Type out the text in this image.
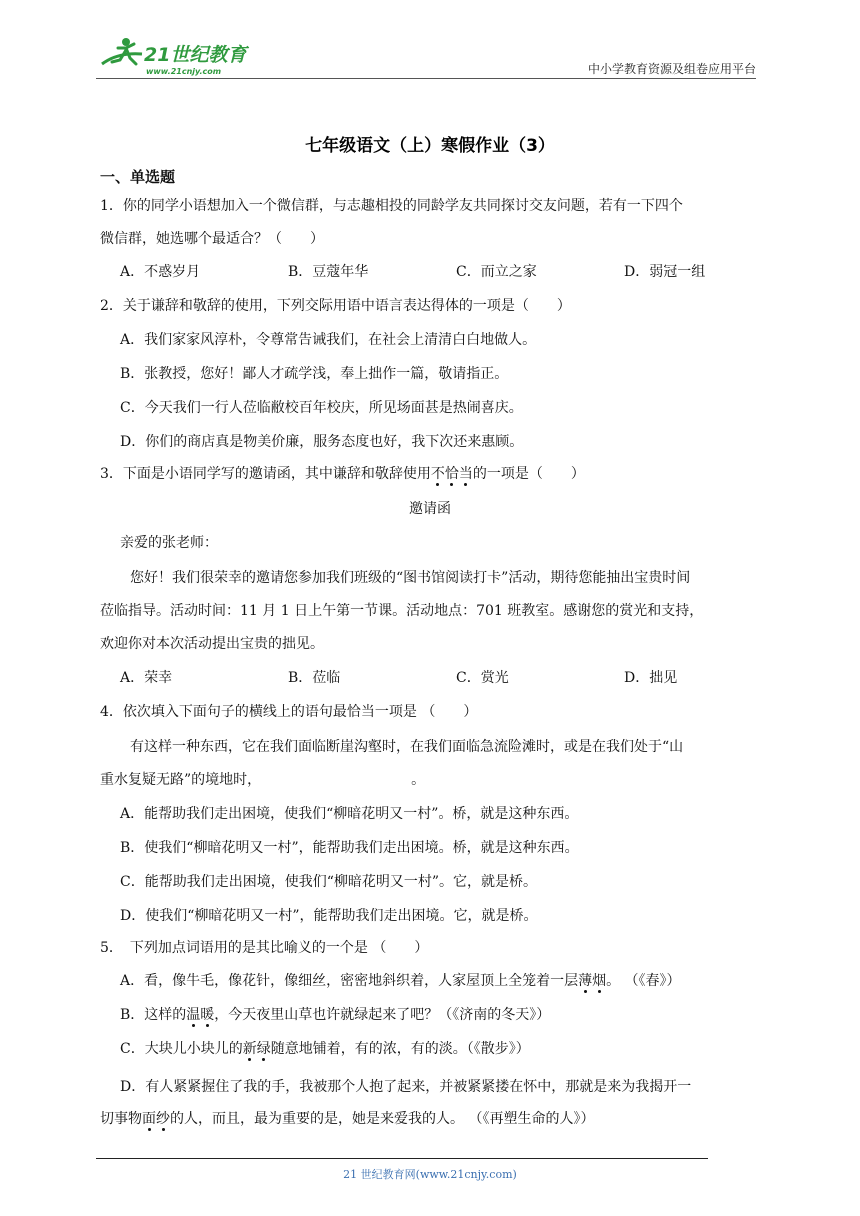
21世纪教育
www.21cnjy.com	中小学教育资源及组卷应用平台
七年级语文（上）寒假作业（3）
一、单选题
1．你的同学小语想加入一个微信群，与志趣相投的同龄学友共同探讨交友问题，若有一下四个
微信群，她选哪个最适合？（　　）
A．不惑岁月	B．豆蔻年华	C．而立之家	D．弱冠一组
2．关于谦辞和敬辞的使用，下列交际用语中语言表达得体的一项是（　　）
A．我们家家风淳朴，令尊常告诫我们，在社会上清清白白地做人。
B．张教授，您好！鄙人才疏学浅，奉上拙作一篇，敬请指正。
C．今天我们一行人莅临敝校百年校庆，所见场面甚是热闹喜庆。
D．你们的商店真是物美价廉，服务态度也好，我下次还来惠顾。
3．下面是小语同学写的邀请函，其中谦辞和敬辞使用不恰当的一项是（　　）
邀请函
亲爱的张老师：
您好！我们很荣幸的邀请您参加我们班级的“图书馆阅读打卡”活动，期待您能抽出宝贵时间
莅临指导。活动时间：11 月 1 日上午第一节课。活动地点：701 班教室。感谢您的赏光和支持，
欢迎你对本次活动提出宝贵的拙见。
A．荣幸	B．莅临	C．赏光	D．拙见
4．依次填入下面句子的横线上的语句最恰当一项是 （　　）
有这样一种东西，它在我们面临断崖沟壑时，在我们面临急流险滩时，或是在我们处于“山
重水复疑无路”的境地时，	。
A．能帮助我们走出困境，使我们“柳暗花明又一村”。桥，就是这种东西。
B．使我们“柳暗花明又一村”，能帮助我们走出困境。桥，就是这种东西。
C．能帮助我们走出困境，使我们“柳暗花明又一村”。它，就是桥。
D．使我们“柳暗花明又一村”，能帮助我们走出困境。它，就是桥。
5．　下列加点词语用的是其比喻义的一个是 （　　）
A．看，像牛毛，像花针，像细丝，密密地斜织着，人家屋顶上全笼着一层薄烟。 （《春》）
B．这样的温暖，今天夜里山草也许就绿起来了吧？（《济南的冬天》）
C．大块儿小块儿的新绿随意地铺着，有的浓，有的淡。（《散步》）
D．有人紧紧握住了我的手，我被那个人抱了起来，并被紧紧搂在怀中，那就是来为我揭开一
切事物面纱的人，而且，最为重要的是，她是来爱我的人。 （《再塑生命的人》）
21 世纪教育网(www.21cnjy.com)
